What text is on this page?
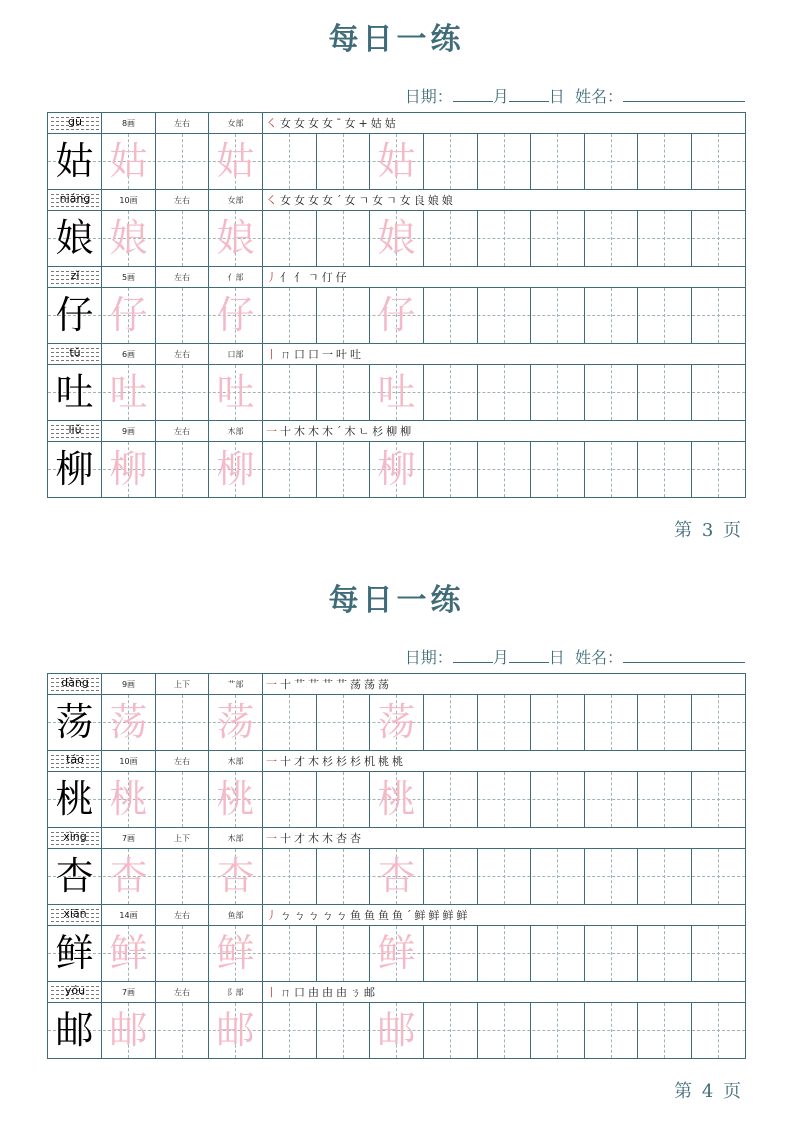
每日一练
日期：	月	日 姓名：
gū	8画	左右	女部	㇛女女女女ˉ女+姑姑
姑 姑 姑	姑
niáng	10画	左右	女部	㇛女女女女ˊ女ㄱ女ㄱ女良娘娘
娘 娘 娘	娘
zǐ	5画	左右	亻部	丿亻亻ㄱ仃仔
仔 仔 仔	仔
tǔ	6画	左右	口部	丨ㄇ口口一叶吐
吐 吐 吐	吐
liǔ	9画	左右	木部	一十木木木ˊ木ㄴ杉柳柳
柳 柳 柳	柳
第 3 页
每日一练
日期：	月	日 姓名：
dàng	9画	上下	艹部	一十艹艹艹艹荡荡荡
荡 荡 荡	荡
táo	10画	左右	木部	一十才木杉杉杉机桃桃
桃 桃 桃	桃
xìng	7画	上下	木部	一十才木木杏杏
杏 杏 杏	杏
xiān	14画	左右	鱼部	丿ㄅㄅㄅㄅㄅ鱼鱼鱼鱼ˊ鲜鲜鲜鲜
鲜 鲜 鲜	鲜
yóu	7画	左右	阝部	丨ㄇ口由由由ㄋ邮
邮 邮 邮	邮
第 4 页
